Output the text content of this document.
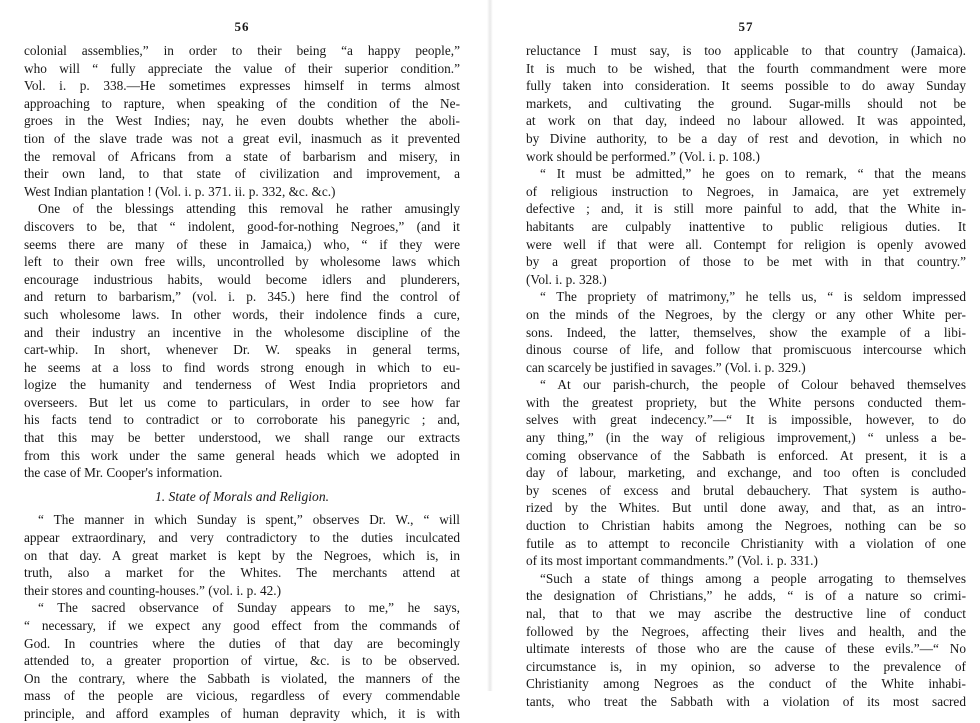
56
colonial assemblies,” in order to their being “a happy people,”
who will “ fully appreciate the value of their superior condition.”
Vol. i. p. 338.—He sometimes expresses himself in terms almost
approaching to rapture, when speaking of the condition of the Ne-
groes in the West Indies; nay, he even doubts whether the aboli-
tion of the slave trade was not a great evil, inasmuch as it prevented
the removal of Africans from a state of barbarism and misery, in
their own land, to that state of civilization and improvement, a
West Indian plantation ! (Vol. i. p. 371. ii. p. 332, &c. &c.)
One of the blessings attending this removal he rather amusingly
discovers to be, that “ indolent, good-for-nothing Negroes,” (and it
seems there are many of these in Jamaica,) who, “ if they were
left to their own free wills, uncontrolled by wholesome laws which
encourage industrious habits, would become idlers and plunderers,
and return to barbarism,” (vol. i. p. 345.) here find the control of
such wholesome laws. In other words, their indolence finds a cure,
and their industry an incentive in the wholesome discipline of the
cart-whip. In short, whenever Dr. W. speaks in general terms,
he seems at a loss to find words strong enough in which to eu-
logize the humanity and tenderness of West India proprietors and
overseers. But let us come to particulars, in order to see how far
his facts tend to contradict or to corroborate his panegyric ; and,
that this may be better understood, we shall range our extracts
from this work under the same general heads which we adopted in
the case of Mr. Cooper's information.
1. State of Morals and Religion.
“ The manner in which Sunday is spent,” observes Dr. W., “ will
appear extraordinary, and very contradictory to the duties inculcated
on that day. A great market is kept by the Negroes, which is, in
truth, also a market for the Whites. The merchants attend at
their stores and counting-houses.” (vol. i. p. 42.)
“ The sacred observance of Sunday appears to me,” he says,
“ necessary, if we expect any good effect from the commands of
God. In countries where the duties of that day are becomingly
attended to, a greater proportion of virtue, &c. is to be observed.
On the contrary, where the Sabbath is violated, the manners of the
mass of the people are vicious, regardless of every commendable
principle, and afford examples of human depravity which, it is with
57
reluctance I must say, is too applicable to that country (Jamaica).
It is much to be wished, that the fourth commandment were more
fully taken into consideration. It seems possible to do away Sunday
markets, and cultivating the ground. Sugar-mills should not be
at work on that day, indeed no labour allowed. It was appointed,
by Divine authority, to be a day of rest and devotion, in which no
work should be performed.” (Vol. i. p. 108.)
“ It must be admitted,” he goes on to remark, “ that the means
of religious instruction to Negroes, in Jamaica, are yet extremely
defective ; and, it is still more painful to add, that the White in-
habitants are culpably inattentive to public religious duties. It
were well if that were all. Contempt for religion is openly avowed
by a great proportion of those to be met with in that country.”
(Vol. i. p. 328.)
“ The propriety of matrimony,” he tells us, “ is seldom impressed
on the minds of the Negroes, by the clergy or any other White per-
sons. Indeed, the latter, themselves, show the example of a libi-
dinous course of life, and follow that promiscuous intercourse which
can scarcely be justified in savages.” (Vol. i. p. 329.)
“ At our parish-church, the people of Colour behaved themselves
with the greatest propriety, but the White persons conducted them-
selves with great indecency.”—“ It is impossible, however, to do
any thing,” (in the way of religious improvement,) “ unless a be-
coming observance of the Sabbath is enforced. At present, it is a
day of labour, marketing, and exchange, and too often is concluded
by scenes of excess and brutal debauchery. That system is autho-
rized by the Whites. But until done away, and that, as an intro-
duction to Christian habits among the Negroes, nothing can be so
futile as to attempt to reconcile Christianity with a violation of one
of its most important commandments.” (Vol. i. p. 331.)
“Such a state of things among a people arrogating to themselves
the designation of Christians,” he adds, “ is of a nature so crimi-
nal, that to that we may ascribe the destructive line of conduct
followed by the Negroes, affecting their lives and health, and the
ultimate interests of those who are the cause of these evils.”—“ No
circumstance is, in my opinion, so adverse to the prevalence of
Christianity among Negroes as the conduct of the White inhabi-
tants, who treat the Sabbath with a violation of its most sacred
